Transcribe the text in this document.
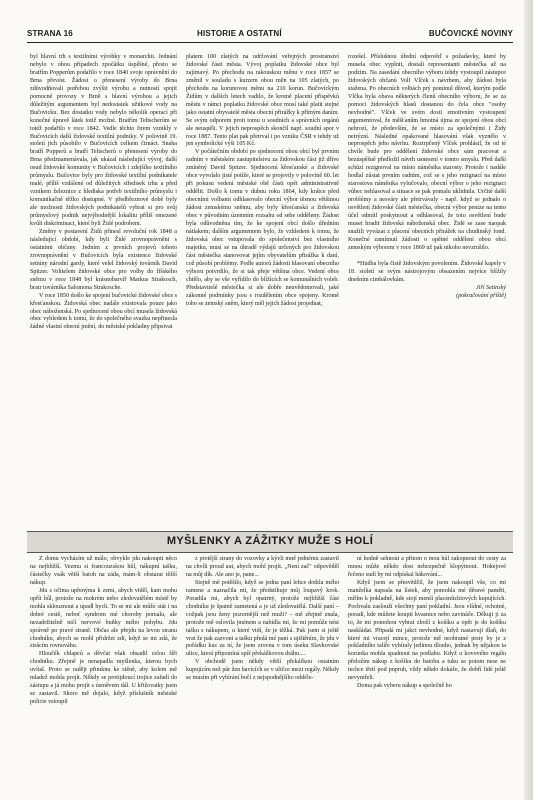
STRANA 16	HISTORIE A OSTATNÍ	BUČOVICKÉ NOVINY

byl hlavní trh s textilními výrobky v monarchii. Jednání nebylo v obou případech zpočátku úspěšné, přesto se bratřím Popperům podařilo v roce 1840 svoje oprávnění do Brna převést. Žádost o přenesení výroby do Brna zdůvodňovali potřebou zvýšit výrobu a nutností spojit pomocné provozy v Brně s hlavní výrobou a jejich důležitým argumentem byl nedostatek užitkové vody na Bučovicku. Bez dostatku vody nebylo několik operací při konečné úpravě látek totiž možné. Bratřím Teltscherům se totéž podařilo v roce 1842. Vedle těchto firem vznikly v Bučovicích další židovské textilní podniky. V polovině 19. století jich působilo v Bučovicích celkem čtrnáct. Snaha bratří Popperů a bratří Teltscherů o přenesení výroby do Brna předznamenávala, jak ukázal následující vývoj, další osud židovské komunity v Bučovicích i zdejšího textilního průmyslu. Bučovice byly pro židovské textilní podnikatele malé, příliš vzdálené od důležitých středisek trhu a před vznikem železnice z hlediska potřeb textilního průmyslu i komunikačně těžko dostupné. V předbřeznové době byly ale možnosti židovských podnikatelů vybrat si pro svůj průmyslový podnik nejvýhodnější lokalitu příliš omezené kvůli diskriminaci, které byli Židé podrobeni.

Změny v postavení Židů přinesl revoluční rok 1848 a následující období, kdy byli Židé zrovnoprávněni s ostatními občany. Jedním z prvních projevů tohoto zrovnoprávnění v Bučovicích byla existence židovské setníny národní gardy, které velel židovský továrník David Spitzer. Volitelem židovské obce pro volby do říšského sněmu v roce 1848 byl krásnobarvíř Markus Strakosch, bratr továrníka Salomona Strakosche.

V roce 1850 došlo ke spojení bučovické židovské obce s křesťanskou. Židovská obec nadále existovala pouze jako obec náboženská. Po sjednocení obou obcí musela židovská obec vyhledem k tomu, že do společného svazku nepřinesla žádné vlastní obecní jmění, do městské pokladny připsivat

platem 100 zlatých na udržování veřejných prostranství židovské části města. Vývoj poplatku židovské obce byl zajímavý. Po přechodu na rakouskou měnu v roce 1857 se změnil v souladu s kurzem obou měn na 105 zlatých, po přechodu na korunovou měnu na 210 korun. Bučovickým Židům v dalších letech vadilo, že kromě placení příspěvků městu v rámci poplatku židovské obce musí také platit stejné jako ostatní obyvatelé města obecní přirážky k přímým daním. Se svým odporem proti tomu u soudních a správních orgánů ale neuspěli. V jejich neprospěch skončil např. soudní spor v roce 1887. Tento plat pak přetrval i po vzniku ČSR v tehdy už jen symbolické výši 105 Kč.

V počátečním období po sjednocení obou obcí byl prvním radním v městském zastupitelstvu za židovskou část již dříve zmíněný David Spitzer. Sjednocení křesťanské a židovské obce vyvolalo jisté potíže, které se projevily v polovině 60. let při pokusu vedení městské obě části opět administrativně oddělit. Došlo k tomu v dubnu roku 1864, kdy krátce před obecními volbami odhlasovalo obecní výbor těsnou většinou žádost zemskému sněmu, aby byly křesťanská a židovská obec v původním územním rozsahu od sebe odděleny. Žádost byla odůvodněna tím, že ke spojení obcí došlo úředním nátlakem; dalším argumentem bylo, že vzhledem k tomu, že židovská obec vstupovala do společenství bez vlastního majetku, musí se na úhradě výdajů určených pro židovskou část městečka stanovovat jejím obyvatelům přirážka k daní, což působí problémy. Podle autorů žádosti hlasovaní obecního výboru potvrdilo, že si tak přeje většina obce. Vedení obce chtělo, aby se vše vyřídilo do blížících se komunálních voleb. Představitelé městečka si ale dobře neuvědomovali, jaké zákonné podmínky jsou s rozdělením obce spojeny. Kromě toho se zemský sněm, který měl jejich žádost projednat,

rozešel. Příslušnou úřední odpověď s požadavky, které by musela obec vyplnit, dostali representanti městečka až na podzim. Na zasedání obecního výboru tehdy vystoupil zástupce židovských občanů Volf Vlček s návrhem, aby žádost byla stažena. Po obecních volbách prý pominul důvod, kterým podle Vlčka byla obava některých členů obecního výboru, že se za pomoci židovských hlasů dostanou do čela obce "osoby nevhodné". Vlček ve svém dosti emotivním vystoupení argumentoval, že měšťanům hmotná újma ze spojení obou obcí nehrozí, že především, že se místo za společnými i Židy netrýzní. Následné opakované hlasování však vyznělo v neprospěch jeho návrhu. Roztrpčený Vlček prohlásil, že od té chvíle bude pro oddělení židovské obce sám pracovat a bezúspěšně předložil návrh usnesení v tomto smyslu. Před další schůzí rezignoval na místo náměstka starosty. Protože i nadále hodlal zůstat prvním radním, což se s jeho rezignací na místo starostova náměstka vylučovalo, obecní výbor o jeho rezignaci vůbec nehlasoval a situace se pak pomalu uklidnila. Určité další problémy a nesváry ale přetrvávaly - např. když se jednalo o osvětlení židovské části městečka, obecní výbor penize na tento účel odmítl poskytnout a odhlasoval, že toto osvětlení bude muset hradit židovská náboženská obec. Židé se zase naopak snažili vyvázat z placení obecních přirážek na chudinský fond. Konečné zamítnutí žádosti o opětné oddělení obou obcí zemským výborem v roce 1869 už pak nikoho nevzrušilo.

*Hudba byla čistě židovským povolením. Židovské kapely v 18. století se svým nástrojovým obsazením nejvíce blížily dnešním cimbálovkám.

Jiří Setinský

(pokračování příště)

MYŠLENKY A ZÁŽITKY MUŽE S HOLÍ

Z domu vycházím už málo, obvykle jdu nakoupit něco na nejbližší. Vezmu si francouzskou hůl, nákupní tašku, částečky vsák větší batoh na záda, mám-li obstarat těžší nákup.

Jdu s očima upřenýma k zemi, abych viděl, kam mohu opřít hůl, protože na mokrém nebo zledovatělém místě by mohla sklouznout a upadl bych. To se mi ale může stát i na dobré cestě, neboť syndrom mé choroby pomalu, ale nezadržitelně ničí nervové buňky mého pohybu. Jdu správně po pravé straně. Občas ale přejdu na levou stranu chodníku, abych se mohl přidržet zdi, když se mi zdá, že ztrácím rovnováhu.

Hloučék chlapců a děvčat však obsadil celou šíři chodníku. Zřejmě je nenapadla myšlenka, kterou bych uvítal. Proto se raději přimknu ke stěně, aby kolem mě mladež mohla projít. Někdy se protijdoucí trojice zařadí do zástupu a já mohu projít s úsměvem dál. U křižovatky jsem se zastavil. Skoro mě dojalo, když příslušník městské policie vstoupil

z protější strany do vozovky a kývli mně jednému zastavil na chvíli proud aut, abych mohl projít. „Není zač" odpověděl na můj dík. Ale ano je, pane...

Stejně mě potěšilo, když se jedna paní lehce dotkla mého ramene a naznačila mi, že předstihuje můj loupavý krok. Poradila mi, abych byl opatrný, protože nejbližší část chodníku je špatně zametená a je už zledovatělá. Další paní – cožpak jsou ženy pozornější než muži? – mě zřejmě znala, protože mě oslovila jménem a nabídla mi, že mi pomůže nést tašku s nákupem, u které vidí, že je těžká. Pak jsem si ještě vrat že pak zazvoni a tašku předá mé paní s ujištěním, že jdu v pořádku kus za ní, že jsem zrovna v tom úseku Slavkovské ulice, která připomíná spíš překážkovou dráhu....

V obchodě jsem někdy větší překážkou ostatním kupujícím než pár žen bavících se v uličce mezi regály. Někdy se musím při vybírání bočí z nejspodnějšího oddéle-

ní hodně sehnout a přitom o mou hůl zakopnout do cesty za mnou může někdo dost nebezpečně klopýtnout. Hokejové řečeno sudí by mi odpískal hákování...

Když jsem se přesvědčil, že jsem nakoupil vše, co mi manželka napsala na lístek, aby pomohla mé děravé paměti, mířím k pokladně, kde stojí menší placenítchiových kupujících. Pochvalu zaslouží všechny paní pokladní. Jsou vlídné, ochotné, poradí, kde můžete koupit kvasnice nebo zavináče. Děkuji ji za to, že mi pomohou vybrat zboží z košíku a opět je do košíku naskládat. Připadá mi jakci nevhodné, když nastavuji dlaň, do které mi vracejí mince, protože mě neobratné prsty by je z pokladního talíře vybíraly jedinou dlouho, jednak by nějakou ta korunka mohla spadnout na podlahu. Když u kovového regálu přeložím nákup z košíku do batohu a tuku se potom nese ne techce třetí pod popruh, vždy někdo dokáže, že dobří lidé ještě nevymřeli.

Doma pak vyberu nákup a společně ho
